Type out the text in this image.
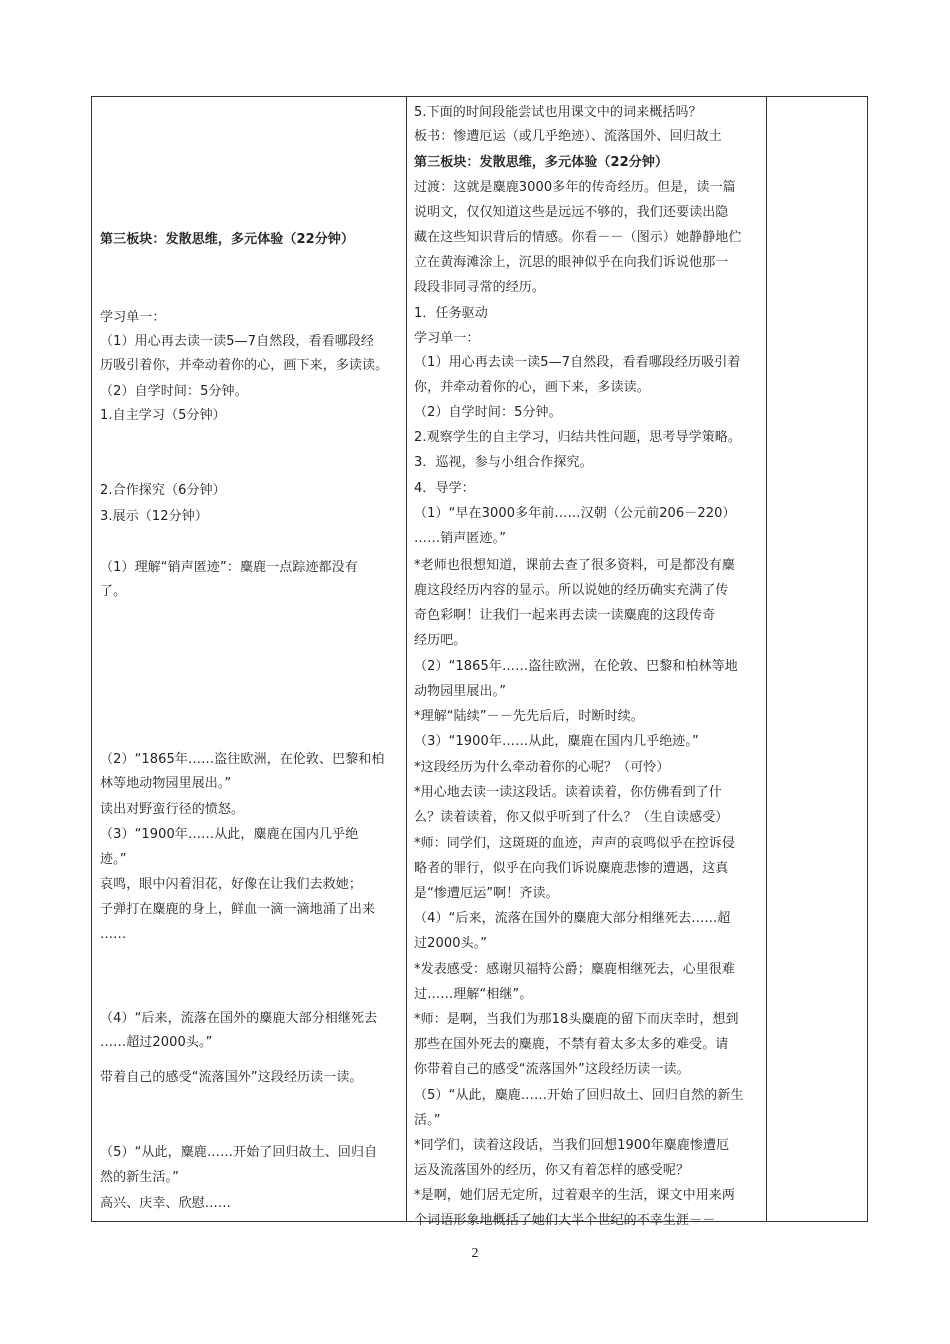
第三板块：发散思维，多元体验（22分钟）
学习单一：
（1）用心再去读一读5—7自然段，看看哪段经
历吸引着你，并牵动着你的心，画下来，多读读。
（2）自学时间：5分钟。
1.自主学习（5分钟）
2.合作探究（6分钟）
3.展示（12分钟）
（1）理解“销声匿迹”：麋鹿一点踪迹都没有
了。
（2）“1865年……盗往欧洲，在伦敦、巴黎和柏
林等地动物园里展出。”
读出对野蛮行径的愤怒。
（3）“1900年……从此，麋鹿在国内几乎绝
迹。”
哀鸣，眼中闪着泪花，好像在让我们去救她；
子弹打在麋鹿的身上，鲜血一滴一滴地涌了出来
……
（4）“后来，流落在国外的麋鹿大部分相继死去
……超过2000头。”
带着自己的感受“流落国外”这段经历读一读。
（5）“从此，麋鹿……开始了回归故土、回归自
然的新生活。”
高兴、庆幸、欣慰……

5.下面的时间段能尝试也用课文中的词来概括吗？
板书：惨遭厄运（或几乎绝迹）、流落国外、回归故土
第三板块：发散思维，多元体验（22分钟）
过渡：这就是麋鹿3000多年的传奇经历。但是，读一篇
说明文，仅仅知道这些是远远不够的，我们还要读出隐
藏在这些知识背后的情感。你看－－（图示）她静静地伫
立在黄海滩涂上，沉思的眼神似乎在向我们诉说他那一
段段非同寻常的经历。
1．任务驱动
学习单一：
（1）用心再去读一读5—7自然段，看看哪段经历吸引着
你，并牵动着你的心，画下来，多读读。
（2）自学时间：5分钟。
2.观察学生的自主学习，归结共性问题，思考导学策略。
3．巡视，参与小组合作探究。
4．导学：
（1）“早在3000多年前……汉朝（公元前206－220）
……销声匿迹。”
*老师也很想知道，课前去查了很多资料，可是都没有麋
鹿这段经历内容的显示。所以说她的经历确实充满了传
奇色彩啊！让我们一起来再去读一读麋鹿的这段传奇
经历吧。
（2）“1865年……盗往欧洲，在伦敦、巴黎和柏林等地
动物园里展出。”
*理解“陆续”－－先先后后，时断时续。
（3）“1900年……从此，麋鹿在国内几乎绝迹。”
*这段经历为什么牵动着你的心呢？（可怜）
*用心地去读一读这段话。读着读着，你仿佛看到了什
么？读着读着，你又似乎听到了什么？（生自读感受）
*师：同学们，这斑斑的血迹，声声的哀鸣似乎在控诉侵
略者的罪行，似乎在向我们诉说麋鹿悲惨的遭遇，这真
是“惨遭厄运”啊！齐读。
（4）“后来，流落在国外的麋鹿大部分相继死去……超
过2000头。”
*发表感受：感谢贝福特公爵；麋鹿相继死去，心里很难
过……理解“相继”。
*师：是啊，当我们为那18头麋鹿的留下而庆幸时，想到
那些在国外死去的麋鹿，不禁有着太多太多的难受。请
你带着自己的感受“流落国外”这段经历读一读。
（5）“从此，麋鹿……开始了回归故土、回归自然的新生
活。”
*同学们，读着这段话，当我们回想1900年麋鹿惨遭厄
运及流落国外的经历，你又有着怎样的感受呢？
*是啊，她们居无定所，过着艰辛的生活，课文中用来两
个词语形象地概括了她们大半个世纪的不幸生涯－－

2
